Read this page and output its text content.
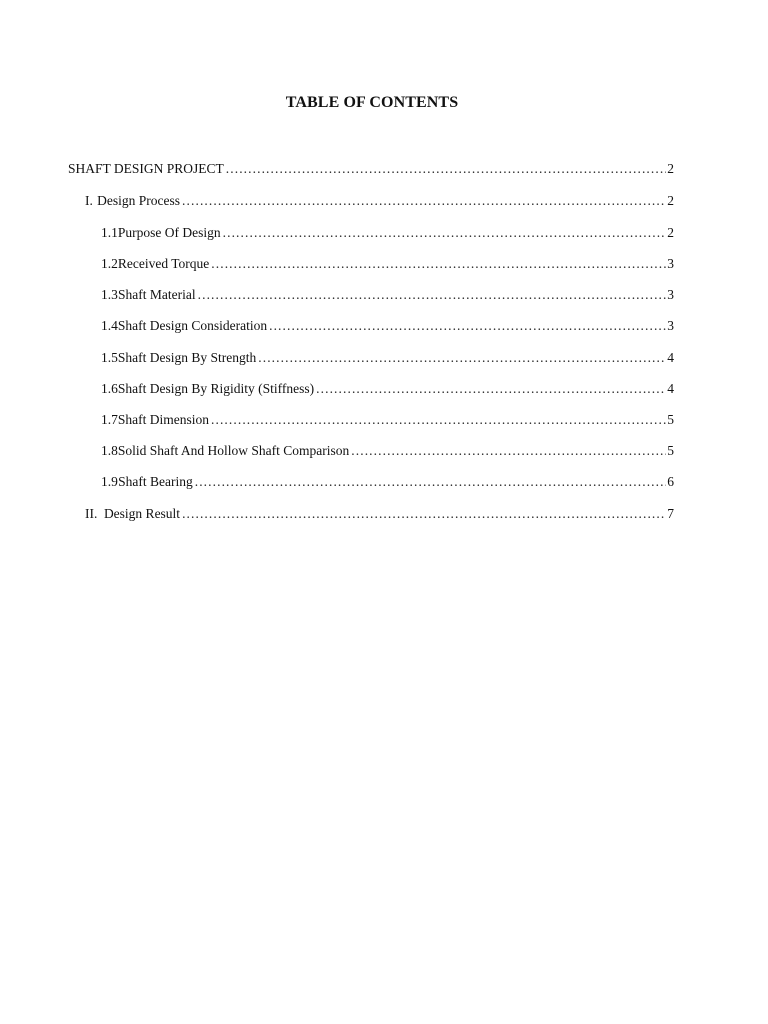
TABLE OF CONTENTS
SHAFT DESIGN PROJECT .....	2
I. Design Process .....	2
1.1 Purpose Of Design .....	2
1.2 Received Torque .....	3
1.3 Shaft Material .....	3
1.4 Shaft Design Consideration .....	3
1.5 Shaft Design By Strength .....	4
1.6 Shaft Design By Rigidity (Stiffness) .....	4
1.7 Shaft Dimension .....	5
1.8 Solid Shaft And Hollow Shaft Comparison .....	5
1.9 Shaft Bearing .....	6
II. Design Result .....	7
